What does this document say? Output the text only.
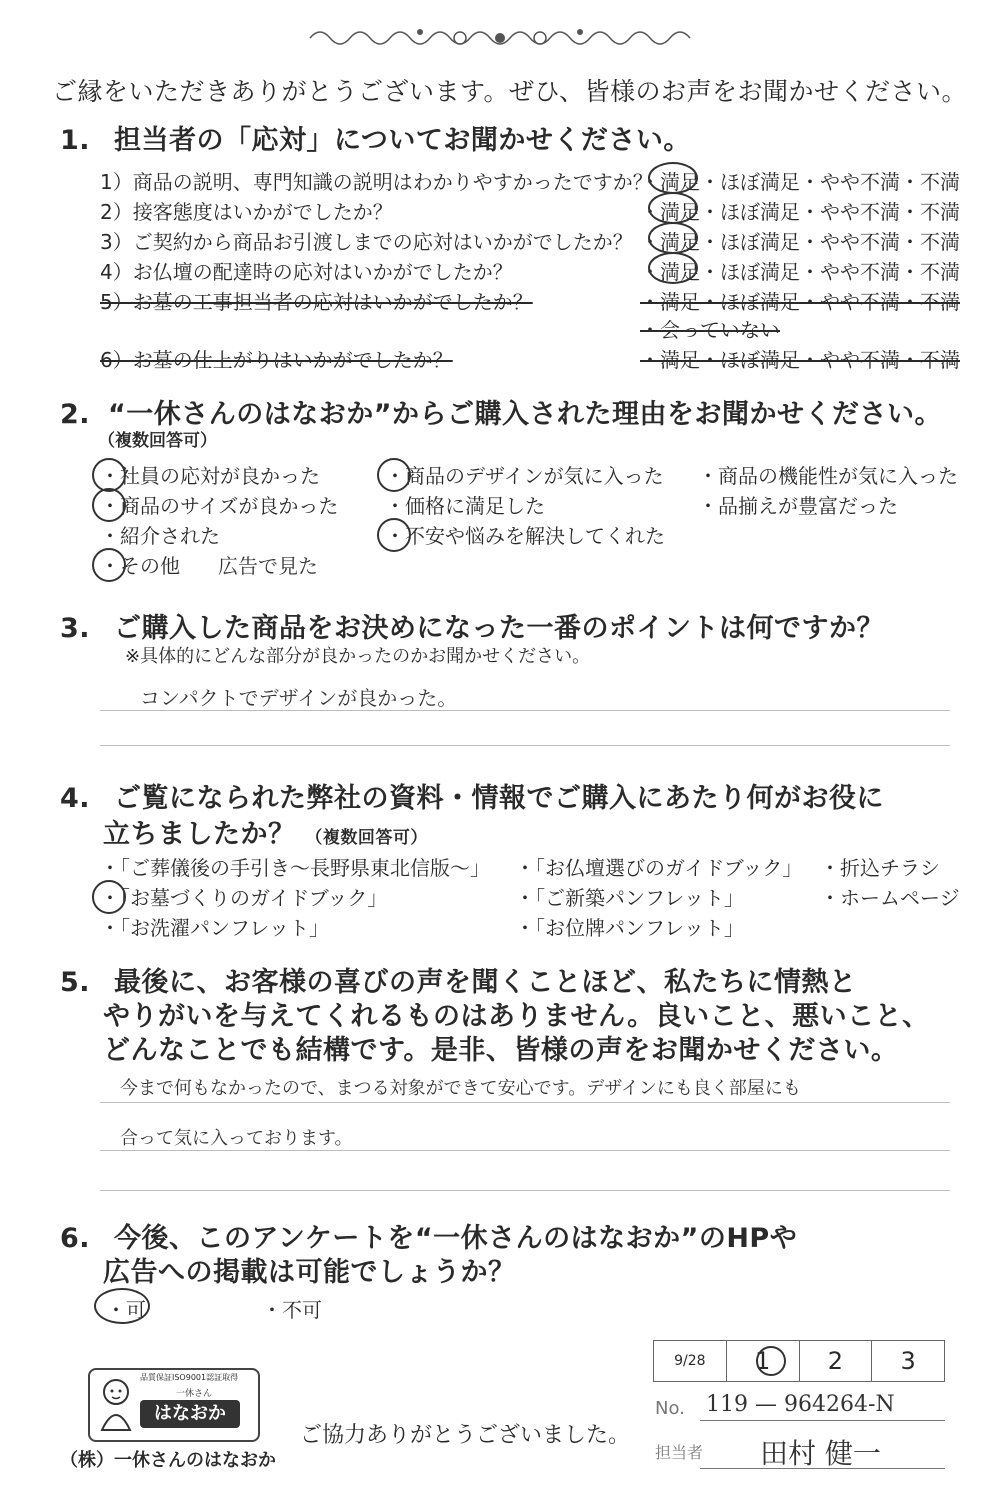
ご縁をいただきありがとうございます。ぜひ、皆様のお声をお聞かせください。
1. 担当者の「応対」についてお聞かせください。
1）商品の説明、専門知識の説明はわかりやすかったですか？
・満足・ほぼ満足・やや不満・不満
2）接客態度はいかがでしたか？	・満足・ほぼ満足・やや不満・不満
3）ご契約から商品お引渡しまでの応対はいかがでしたか？ ・満足・ほぼ満足・やや不満・不満
4）お仏壇の配達時の応対はいかがでしたか？	・満足・ほぼ満足・やや不満・不満
5）お墓の工事担当者の応対はいかがでしたか？	・満足・ほぼ満足・やや不満・不満
・会っていない
6）お墓の仕上がりはいかがでしたか？	・満足・ほぼ満足・やや不満・不満
2. “一休さんのはなおか”からご購入された理由をお聞かせください。
（複数回答可）
・社員の応対が良かった	・商品のデザインが気に入った ・商品の機能性が気に入った
・商品のサイズが良かった ・価格に満足した	・品揃えが豊富だった
・紹介された	・不安や悩みを解決してくれた
・その他 広告で見た
3. ご購入した商品をお決めになった一番のポイントは何ですか？
※具体的にどんな部分が良かったのかお聞かせください。
コンパクトでデザインが良かった。
4. ご覧になられた弊社の資料・情報でご購入にあたり何がお役に
立ちましたか？ （複数回答可）
・「ご葬儀後の手引き～長野県東北信版～」 ・「お仏壇選びのガイドブック」 ・折込チラシ
・「お墓づくりのガイドブック」	・「ご新築パンフレット」	・ホームページ
・「お洗濯パンフレット」	・「お位牌パンフレット」
5. 最後に、お客様の喜びの声を聞くことほど、私たちに情熱と
やりがいを与えてくれるものはありません。良いこと、悪いこと、
どんなことでも結構です。是非、皆様の声をお聞かせください。
今まで何もなかったので、まつる対象ができて安心です。デザインにも良く部屋にも
合って気に入っております。
6. 今後、このアンケートを“一休さんのはなおか”のHPや
広告への掲載は可能でしょうか？
・可	・不可
9/28	1	2	3
No. 119 — 964264-N
担当者 田村 健一
品質保証ISO9001認証取得
一休さん
はなおか
（株）一休さんのはなおか
ご協力ありがとうございました。
